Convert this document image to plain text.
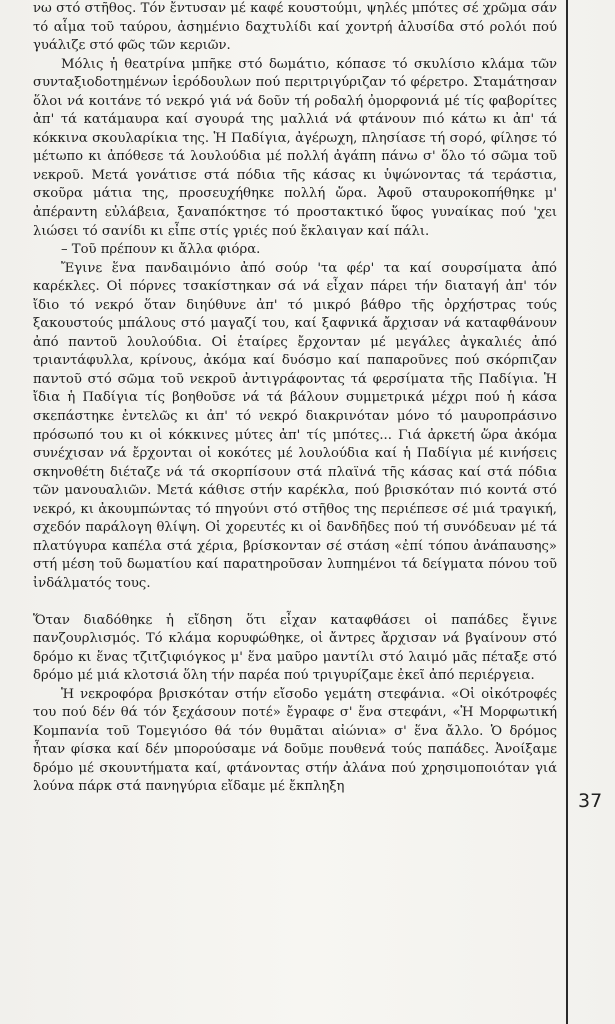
νω στό στῆθος. Τόν ἔντυσαν μέ καφέ κουστούμι, ψηλές μπότες σέ χρῶμα σάν τό αἷμα τοῦ ταύρου, ἀσημένιο δαχτυλίδι καί χοντρή ἁλυσίδα στό ρολόι πού γυάλιζε στό φῶς τῶν κεριῶν.

Μόλις ἡ θεατρίνα μπῆκε στό δωμάτιο, κόπασε τό σκυλίσιο κλάμα τῶν συνταξιοδοτημένων ἱερόδουλων πού περιτριγύριζαν τό φέρετρο. Σταμάτησαν ὅλοι νά κοιτάνε τό νεκρό γιά νά δοῦν τή ροδαλή ὀμορφονιά μέ τίς φαβορίτες ἀπ' τά κατάμαυρα καί σγουρά της μαλλιά νά φτάνουν πιό κάτω κι ἀπ' τά κόκκινα σκουλαρίκια της. Ἡ Παδίγια, ἀγέρωχη, πλησίασε τή σορό, φίλησε τό μέτωπο κι ἀπόθεσε τά λουλούδια μέ πολλή ἀγάπη πάνω σ' ὅλο τό σῶμα τοῦ νεκροῦ. Μετά γονάτισε στά πόδια τῆς κάσας κι ὑψώνοντας τά τεράστια, σκοῦρα μάτια της, προσευχήθηκε πολλή ὥρα. Ἀφοῦ σταυροκοπήθηκε μ' ἀπέραντη εὐλάβεια, ξαναπόκτησε τό προστακτικό ὕφος γυναίκας πού 'χει λιώσει τό σανίδι κι εἶπε στίς γριές πού ἔκλαιγαν καί πάλι.

– Τοῦ πρέπουν κι ἄλλα φιόρα.

Ἔγινε ἕνα πανδαιμόνιο ἀπό σούρ 'τα φέρ' τα καί σουρσίματα ἀπό καρέκλες. Οἱ πόρνες τσακίστηκαν σά νά εἶχαν πάρει τήν διαταγή ἀπ' τόν ἴδιο τό νεκρό ὅταν διηύθυνε ἀπ' τό μικρό βάθρο τῆς ὀρχήστρας τούς ξακουστούς μπάλους στό μαγαζί του, καί ξαφνικά ἄρχισαν νά καταφθάνουν ἀπό παντοῦ λουλούδια. Οἱ ἑταίρες ἔρχονταν μέ μεγάλες ἀγκαλιές ἀπό τριαντάφυλλα, κρίνους, ἀκόμα καί δυόσμο καί παπαροῦνες πού σκόρπιζαν παντοῦ στό σῶμα τοῦ νεκροῦ ἀντιγράφοντας τά φερσίματα τῆς Παδίγια. Ἡ ἴδια ἡ Παδίγια τίς βοηθοῦσε νά τά βάλουν συμμετρικά μέχρι πού ἡ κάσα σκεπάστηκε ἐντελῶς κι ἀπ' τό νεκρό διακρινόταν μόνο τό μαυροπράσινο πρόσωπό του κι οἱ κόκκινες μύτες ἀπ' τίς μπότες... Γιά ἀρκετή ὥρα ἀκόμα συνέχισαν νά ἔρχονται οἱ κοκότες μέ λουλούδια καί ἡ Παδίγια μέ κινήσεις σκηνοθέτη διέταζε νά τά σκορπίσουν στά πλαϊνά τῆς κάσας καί στά πόδια τῶν μανουαλιῶν. Μετά κάθισε στήν καρέκλα, πού βρισκόταν πιό κοντά στό νεκρό, κι ἀκουμπώντας τό πηγούνι στό στῆθος της περιέπεσε σέ μιά τραγική, σχεδόν παράλογη θλίψη. Οἱ χορευτές κι οἱ δανδῆδες πού τή συνόδευαν μέ τά πλατύγυρα καπέλα στά χέρια, βρίσκονταν σέ στάση «ἐπί τόπου ἀνάπαυσης» στή μέση τοῦ δωματίου καί παρατηροῦσαν λυπημένοι τά δείγματα πόνου τοῦ ἰνδάλματός τους.

Ὅταν διαδόθηκε ἡ εἴδηση ὅτι εἶχαν καταφθάσει οἱ παπάδες ἔγινε πανζουρλισμός. Τό κλάμα κορυφώθηκε, οἱ ἄντρες ἄρχισαν νά βγαίνουν στό δρόμο κι ἕνας τζιτζιφιόγκος μ' ἕνα μαῦρο μαντίλι στό λαιμό μᾶς πέταξε στό δρόμο μέ μιά κλοτσιά ὅλη τήν παρέα πού τριγυρίζαμε ἐκεῖ ἀπό περιέργεια.

Ἡ νεκροφόρα βρισκόταν στήν εἴσοδο γεμάτη στεφάνια. «Οἱ οἰκότροφές του πού δέν θά τόν ξεχάσουν ποτέ» ἔγραφε σ' ἕνα στεφάνι, «Ἡ Μορφωτική Κομπανία τοῦ Τομεγιόσο θά τόν θυμᾶται αἰώνια» σ' ἕνα ἄλλο. Ὁ δρόμος ἦταν φίσκα καί δέν μπορούσαμε νά δοῦμε πουθενά τούς παπάδες. Ἀνοίξαμε δρόμο μέ σκουντήματα καί, φτάνοντας στήν ἀλάνα πού χρησιμοποιόταν γιά λούνα πάρκ στά πανηγύρια εἴδαμε μέ ἔκπληξη

37
